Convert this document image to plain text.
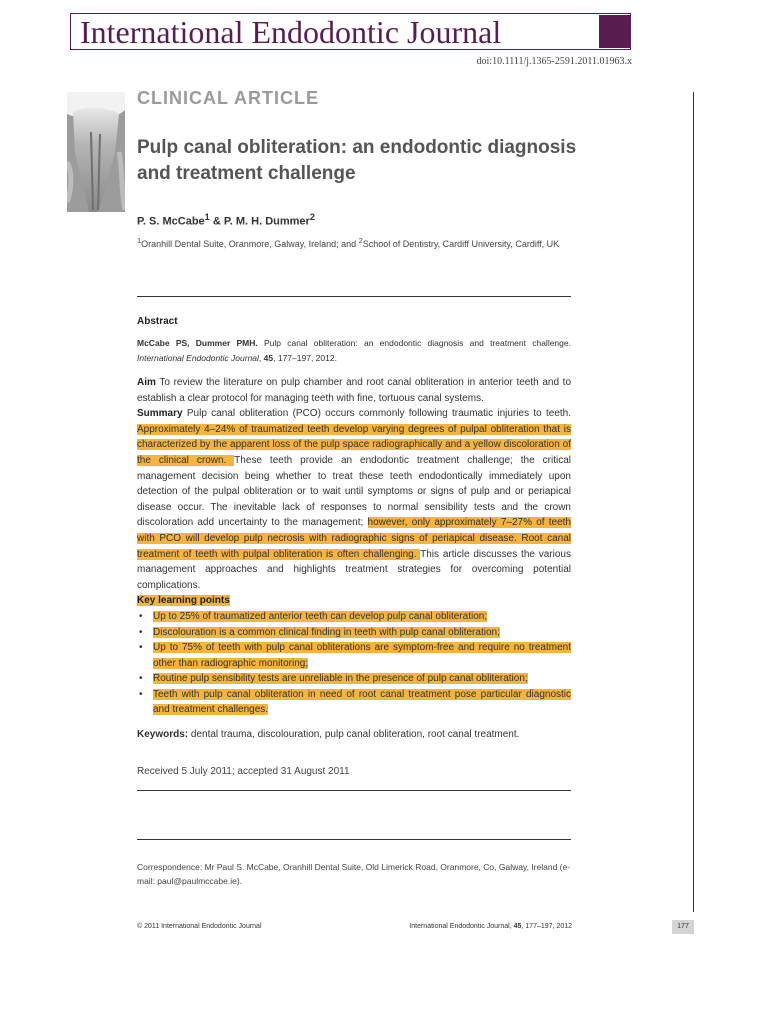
International Endodontic Journal
doi:10.1111/j.1365-2591.2011.01963.x
CLINICAL ARTICLE
Pulp canal obliteration: an endodontic diagnosis and treatment challenge
P. S. McCabe$^1$ & P. M. H. Dummer$^2$
$^1$Oranhill Dental Suite, Oranmore, Galway, Ireland; and $^2$School of Dentistry, Cardiff University, Cardiff, UK
Abstract
McCabe PS, Dummer PMH. Pulp canal obliteration: an endodontic diagnosis and treatment challenge. International Endodontic Journal, 45, 177–197, 2012.

Aim To review the literature on pulp chamber and root canal obliteration in anterior teeth and to establish a clear protocol for managing teeth with fine, tortuous canal systems.

Summary Pulp canal obliteration (PCO) occurs commonly following traumatic injuries to teeth. Approximately 4–24% of traumatized teeth develop varying degrees of pulpal obliteration that is characterized by the apparent loss of the pulp space radiographically and a yellow discoloration of the clinical crown. These teeth provide an endodontic treatment challenge; the critical management decision being whether to treat these teeth endodontically immediately upon detection of the pulpal obliteration or to wait until symptoms or signs of pulp and or periapical disease occur. The inevitable lack of responses to normal sensibility tests and the crown discoloration add uncertainty to the management; however, only approximately 7–27% of teeth with PCO will develop pulp necrosis with radiographic signs of periapical disease. Root canal treatment of teeth with pulpal obliteration is often challenging. This article discusses the various management approaches and highlights treatment strategies for overcoming potential complications.

Key learning points
• Up to 25% of traumatized anterior teeth can develop pulp canal obliteration;
• Discolouration is a common clinical finding in teeth with pulp canal obliteration;
• Up to 75% of teeth with pulp canal obliterations are symptom-free and require no treatment other than radiographic monitoring;
• Routine pulp sensibility tests are unreliable in the presence of pulp canal obliteration;
• Teeth with pulp canal obliteration in need of root canal treatment pose particular diagnostic and treatment challenges.
Keywords: dental trauma, discolouration, pulp canal obliteration, root canal treatment.
Received 5 July 2011; accepted 31 August 2011
Correspondence: Mr Paul S. McCabe, Oranhill Dental Suite, Old Limerick Road, Oranmore, Co, Galway, Ireland (e-mail: paul@paulmccabe.ie).
© 2011 International Endodontic Journal	International Endodontic Journal, 45, 177–197, 2012	177
